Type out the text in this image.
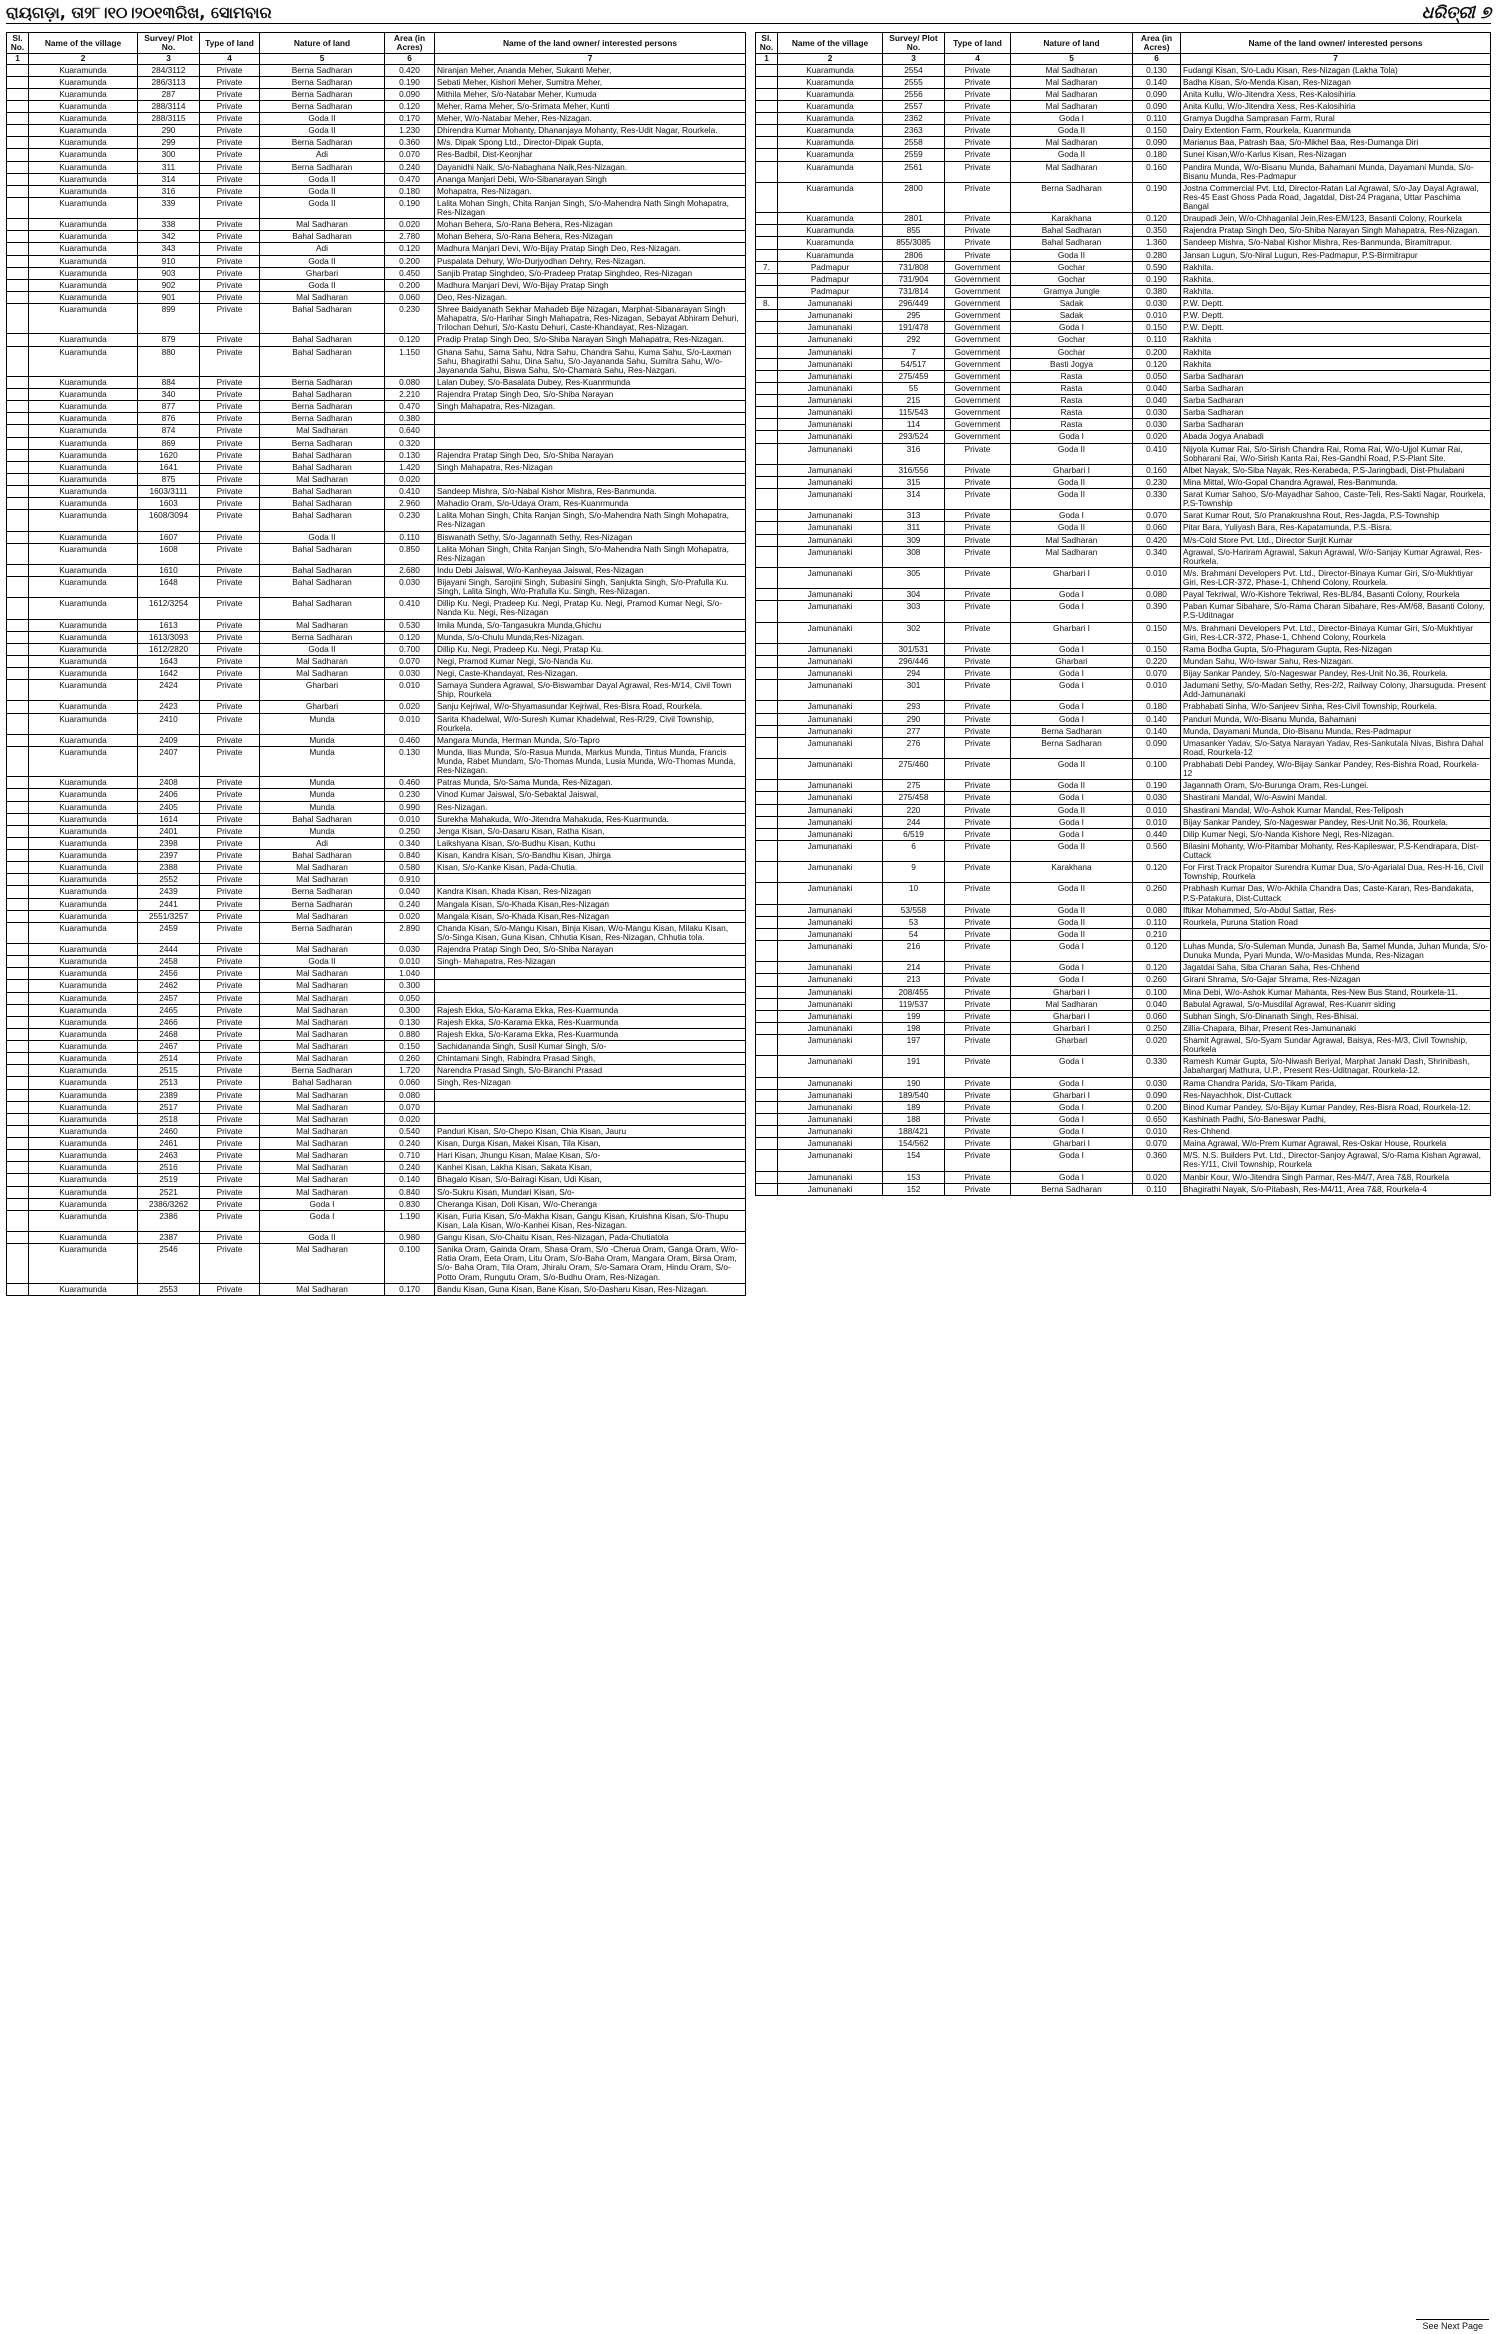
ରାୟଗଡ଼ା, ତା୨୮।୧୦।୨୦୧୩ରିଖ, ସୋମବାର	ଧରିତ୍ରୀ ୭
Sl. No.	Name of the village	Survey/ Plot No.	Type of land	Nature of land	Area (in Acres)	Name of the land owner/ interested persons
1	2	3	4	5	6	7
	Kuaramunda	284/3112	Private	Berna Sadharan	0.420	Niranjan Meher, Ananda Meher, Sukanti Meher,
	Kuaramunda	286/3113	Private	Berna Sadharan	0.190	Sebati Meher, Kishori Meher, Sumitra Meher,
	Kuaramunda	287	Private	Berna Sadharan	0.090	Mithila Meher, S/o-Natabar Meher, Kumuda
	Kuaramunda	288/3114	Private	Berna Sadharan	0.120	Meher, Rama Meher, S/o-Srimata Meher, Kunti
	Kuaramunda	288/3115	Private	Goda II	0.170	Meher, W/o-Natabar Meher, Res-Nizagan.
	Kuaramunda	290	Private	Goda II	1.230	Dhirendra Kumar Mohanty, Dhananjaya Mohanty, Res-Udit Nagar, Rourkela.
	Kuaramunda	299	Private	Berna Sadharan	0.360	M/s. Dipak Spong Ltd., Director-Dipak Gupta,
	Kuaramunda	300	Private	Adi	0.070	Res-Badbil, Dist-Keonjhar
	Kuaramunda	311	Private	Berna Sadharan	0.240	Dayanidhi Naik, S/o-Nabaghana Naik,Res-Nizagan.
	Kuaramunda	314	Private	Goda II	0.470	Ananga Manjari Debi, W/o-Sibanarayan Singh
	Kuaramunda	316	Private	Goda II	0.180	Mohapatra, Res-Nizagan.
	Kuaramunda	339	Private	Goda II	0.190	Lalita Mohan Singh, Chita Ranjan Singh, S/o-Mahendra Nath Singh Mohapatra, Res-Nizagan
	Kuaramunda	338	Private	Mal Sadharan	0.020	Mohan Behera, S/o-Rana Behera, Res-Nizagan
	Kuaramunda	342	Private	Bahal Sadharan	2.780	Mohan Behera, S/o-Rana Behera, Res-Nizagan
	Kuaramunda	343	Private	Adi	0.120	Madhura Manjari Devi, W/o-Bijay Pratap Singh Deo, Res-Nizagan.
	Kuaramunda	910	Private	Goda II	0.200	Puspalata Dehury, W/o-Durjyodhan Dehry, Res-Nizagan.
	Kuaramunda	903	Private	Gharbari	0.450	Sanjib Pratap Singhdeo, S/o-Pradeep Pratap Singhdeo, Res-Nizagan
	Kuaramunda	902	Private	Goda II	0.200	Madhura Manjari Devi, W/o-Bijay Pratap Singh
	Kuaramunda	901	Private	Mal Sadharan	0.060	Deo, Res-Nizagan.
	Kuaramunda	899	Private	Bahal Sadharan	0.230	Shree Baidyanath Sekhar Mahadeb Bije Nizagan, Marphat-Sibanarayan Singh Mahapatra, S/o-Harihar Singh Mahapatra, Res-Nizagan, Sebayat Abhiram Dehuri, Trilochan Dehuri, S/o-Kastu Dehuri, Caste-Khandayat, Res-Nizagan.
	Kuaramunda	879	Private	Bahal Sadharan	0.120	Pradip Pratap Singh Deo, S/o-Shiba Narayan Singh Mahapatra, Res-Nizagan.
	Kuaramunda	880	Private	Bahal Sadharan	1.150	Ghana Sahu, Sama Sahu, Ndra Sahu, Chandra Sahu, Kuma Sahu, S/o-Laxman Sahu, Bhagirathi Sahu, Dina Sahu, S/o-Jayananda Sahu, Sumitra Sahu, W/o-Jayananda Sahu, Biswa Sahu, S/o-Chamara Sahu, Res-Nazgan.
	Kuaramunda	884	Private	Berna Sadharan	0.080	Lalan Dubey, S/o-Basalata Dubey, Res-Kuanrmunda
	Kuaramunda	340	Private	Bahal Sadharan	2.210	Rajendra Pratap Singh Deo, S/o-Shiba Narayan
	Kuaramunda	877	Private	Berna Sadharan	0.470	Singh Mahapatra, Res-Nizagan.
	Kuaramunda	876	Private	Berna Sadharan	0.380	
	Kuaramunda	874	Private	Mal Sadharan	0.640	
	Kuaramunda	869	Private	Berna Sadharan	0.320	
	Kuaramunda	1620	Private	Bahal Sadharan	0.130	Rajendra Pratap Singh Deo, S/o-Shiba Narayan
	Kuaramunda	1641	Private	Bahal Sadharan	1.420	Singh Mahapatra, Res-Nizagan
	Kuaramunda	875	Private	Mal Sadharan	0.020	
	Kuaramunda	1603/3111	Private	Bahal Sadharan	0.410	Sandeep Mishra, S/o-Nabal Kishor Mishra, Res-Banmunda.
	Kuaramunda	1603	Private	Bahal Sadharan	2.960	Mahadio Oram, S/o-Udaya Oram, Res-Kuanrmunda
	Kuaramunda	1608/3094	Private	Bahal Sadharan	0.230	Lalita Mohan Singh, Chita Ranjan Singh, S/o-Mahendra Nath Singh Mohapatra, Res-Nizagan
	Kuaramunda	1607	Private	Goda II	0.110	Biswanath Sethy, S/o-Jagannath Sethy, Res-Nizagan
	Kuaramunda	1608	Private	Bahal Sadharan	0.850	Lalita Mohan Singh, Chita Ranjan Singh, S/o-Mahendra Nath Singh Mohapatra, Res-Nizagan
	Kuaramunda	1610	Private	Bahal Sadharan	2.680	Indu Debi Jaiswal, W/o-Kanheyaa Jaiswal, Res-Nizagan
	Kuaramunda	1648	Private	Bahal Sadharan	0.030	Bijayani Singh, Sarojini Singh, Subasini Singh, Sanjukta Singh, S/o-Prafulla Ku. Singh, Lalita Singh, W/o-Prafulla Ku. Singh, Res-Nizagan.
	Kuaramunda	1612/3254	Private	Bahal Sadharan	0.410	Dillip Ku. Negi, Pradeep Ku. Negi, Pratap Ku. Negi, Pramod Kumar Negi, S/o-Nanda Ku. Negi, Res-Nizagan
	Kuaramunda	1613	Private	Mal Sadharan	0.530	Imila Munda, S/o-Tangasukra Munda,Ghichu
	Kuaramunda	1613/3093	Private	Berna Sadharan	0.120	Munda, S/o-Chulu Munda,Res-Nizagan.
	Kuaramunda	1612/2820	Private	Goda II	0.700	Dillip Ku. Negi, Pradeep Ku. Negi, Pratap Ku.
	Kuaramunda	1643	Private	Mal Sadharan	0.070	Negi, Pramod Kumar Negi, S/o-Nanda Ku.
	Kuaramunda	1642	Private	Mal Sadharan	0.030	Negi, Caste-Khandayat, Res-Nizagan.
	Kuaramunda	2424	Private	Gharbari	0.010	Samaya Sundera Agrawal, S/o-Biswambar Dayal Agrawal, Res-M/14, Civil Town Ship, Rourkela
	Kuaramunda	2423	Private	Gharbari	0.020	Sanju Kejriwal, W/o-Shyamasundar Kejriwal, Res-Bisra Road, Rourkela.
	Kuaramunda	2410	Private	Munda	0.010	Sarita Khadelwal, W/o-Suresh Kumar Khadelwal, Res-R/29, Civil Township, Rourkela.
	Kuaramunda	2409	Private	Munda	0.460	Mangara Munda, Herman Munda, S/o-Tapro
	Kuaramunda	2407	Private	Munda	0.130	Munda, Ilias Munda, S/o-Rasua Munda, Markus Munda, Tintus Munda, Francis Munda, Rabet Mundam, S/o-Thomas Munda, Lusia Munda, W/o-Thomas Munda, Res-Nizagan.
	Kuaramunda	2408	Private	Munda	0.460	Patras Munda, S/o-Sama Munda, Res-Nizagan.
	Kuaramunda	2406	Private	Munda	0.230	Vinod Kumar Jaiswal, S/o-Sebaktal Jaiswal,
	Kuaramunda	2405	Private	Munda	0.990	Res-Nizagan.
	Kuaramunda	1614	Private	Bahal Sadharan	0.010	Surekha Mahakuda, W/o-Jitendra Mahakuda, Res-Kuarmunda.
	Kuaramunda	2401	Private	Munda	0.250	Jenga Kisan, S/o-Dasaru Kisan, Ratha Kisan,
	Kuaramunda	2398	Private	Adi	0.340	Laikshyana Kisan, S/o-Budhu Kisan, Kuthu
	Kuaramunda	2397	Private	Bahal Sadharan	0.840	Kisan, Kandra Kisan, S/o-Bandhu Kisan, Jhirga
	Kuaramunda	2388	Private	Mal Sadharan	0.580	Kisan, S/o-Kanke Kisan, Pada-Chutia.
	Kuaramunda	2552	Private	Mal Sadharan	0.910	
	Kuaramunda	2439	Private	Berna Sadharan	0.040	Kandra Kisan, Khada Kisan, Res-Nizagan
	Kuaramunda	2441	Private	Berna Sadharan	0.240	Mangala Kisan, S/o-Khada Kisan,Res-Nizagan
	Kuaramunda	2551/3257	Private	Mal Sadharan	0.020	Mangala Kisan, S/o-Khada Kisan,Res-Nizagan
	Kuaramunda	2459	Private	Berna Sadharan	2.890	Chanda Kisan, S/o-Mangu Kisan, Binja Kisan, W/o-Mangu Kisan, Milaku Kisan, S/o-Singa Kisan, Guna Kisan, Chhutia Kisan, Res-Nizagan, Chhutia tola.
	Kuaramunda	2444	Private	Mal Sadharan	0.030	Rajendra Pratap Singh Deo, S/o-Shiba Narayan
	Kuaramunda	2458	Private	Goda II	0.010	Singh- Mahapatra, Res-Nizagan
	Kuaramunda	2456	Private	Mal Sadharan	1.040	
	Kuaramunda	2462	Private	Mal Sadharan	0.300	
	Kuaramunda	2457	Private	Mal Sadharan	0.050	
	Kuaramunda	2465	Private	Mal Sadharan	0.300	Rajesh Ekka, S/o-Karama Ekka, Res-Kuarmunda
	Kuaramunda	2466	Private	Mal Sadharan	0.130	Rajesh Ekka, S/o-Karama Ekka, Res-Kuarmunda
	Kuaramunda	2468	Private	Mal Sadharan	0.880	Rajesh Ekka, S/o-Karama Ekka, Res-Kuarmunda
	Kuaramunda	2467	Private	Mal Sadharan	0.150	Sachidananda Singh, Susil Kumar Singh, S/o-
	Kuaramunda	2514	Private	Mal Sadharan	0.260	Chintamani Singh, Rabindra Prasad Singh,
	Kuaramunda	2515	Private	Berna Sadharan	1.720	Narendra Prasad Singh, S/o-Biranchi Prasad
	Kuaramunda	2513	Private	Bahal Sadharan	0.060	Singh, Res-Nizagan
	Kuaramunda	2389	Private	Mal Sadharan	0.080	
	Kuaramunda	2517	Private	Mal Sadharan	0.070	
	Kuaramunda	2518	Private	Mal Sadharan	0.020	
	Kuaramunda	2460	Private	Mal Sadharan	0.540	Panduri Kisan, S/o-Chepo Kisan, Chia Kisan, Jauru
	Kuaramunda	2461	Private	Mal Sadharan	0.240	Kisan, Durga Kisan, Makei Kisan, Tila Kisan,
	Kuaramunda	2463	Private	Mal Sadharan	0.710	Hari Kisan, Jhungu Kisan, Malae Kisan, S/o-
	Kuaramunda	2516	Private	Mal Sadharan	0.240	Kanhei Kisan, Lakha Kisan, Sakata Kisan,
	Kuaramunda	2519	Private	Mal Sadharan	0.140	Bhagalo Kisan, S/o-Bairagi Kisan, Udi Kisan,
	Kuaramunda	2521	Private	Mal Sadharan	0.840	S/o-Sukru Kisan, Mundari Kisan, S/o-
	Kuaramunda	2386/3262	Private	Goda I	0.830	Cheranga Kisan, Doli Kisan, W/o-Cheranga
	Kuaramunda	2386	Private	Goda I	1.190	Kisan, Furia Kisan, S/o-Makha Kisan, Gangu Kisan, Kruishna Kisan, S/o-Thupu Kisan, Lala Kisan, W/o-Kanhei Kisan, Res-Nizagan.
	Kuaramunda	2387	Private	Goda II	0.980	Gangu Kisan, S/o-Chaitu Kisan, Res-Nizagan, Pada-Chutiatola
	Kuaramunda	2546	Private	Mal Sadharan	0.100	Sanika Oram, Gainda Oram, Shasa Oram, S/o -Cherua Oram, Ganga Oram, W/o-Ratia Oram, Eeta Oram, Litu Oram, S/o-Baha Oram, Mangara Oram, Birsa Oram, S/o- Baha Oram, Tila Oram, Jhiralu Oram, S/o-Samara Oram, Hindu Oram, S/o-Potto Oram, Rungutu Oram, S/o-Budhu Oram, Res-Nizagan.
	Kuaramunda	2553	Private	Mal Sadharan	0.170	Bandu Kisan, Guna Kisan, Bane Kisan, S/o-Dasharu Kisan, Res-Nizagan.
Sl. No.	Name of the village	Survey/ Plot No.	Type of land	Nature of land	Area (in Acres)	Name of the land owner/ interested persons
1	2	3	4	5	6	7
	Kuaramunda	2554	Private	Mal Sadharan	0.130	Fudangi Kisan, S/o-Ladu Kisan, Res-Nizagan (Lakha Tola)
	Kuaramunda	2555	Private	Mal Sadharan	0.140	Badha Kisan, S/o-Menda Kisan, Res-Nizagan
	Kuaramunda	2556	Private	Mal Sadharan	0.090	Anita Kullu, W/o-Jitendra Xess, Res-Kalosihiria
	Kuaramunda	2557	Private	Mal Sadharan	0.090	Anita Kullu, W/o-Jitendra Xess, Res-Kalosihiria
	Kuaramunda	2362	Private	Goda I	0.110	Gramya Dugdha Samprasan Farm, Rural
	Kuaramunda	2363	Private	Goda II	0.150	Dairy Extention Farm, Rourkela, Kuanrmunda
	Kuaramunda	2558	Private	Mal Sadharan	0.090	Marianus Baa, Patrash Baa, S/o-Mikhel Baa, Res-Dumanga Diri
	Kuaramunda	2559	Private	Goda II	0.180	Sunei Kisan,W/o-Karlus Kisan, Res-Nizagan
	Kuaramunda	2561	Private	Mal Sadharan	0.160	Pandira Munda, W/o-Bisanu Munda, Bahamani Munda, Dayamani Munda, S/o-Bisanu Munda, Res-Padmapur
	Kuaramunda	2800	Private	Berna Sadharan	0.190	Jostna Commercial Pvt. Ltd, Director-Ratan Lal Agrawal, S/o-Jay Dayal Agrawal, Res-45 East Ghoss Pada Road, Jagatdal, Dist-24 Pragana, Uttar Paschima Bangal
	Kuaramunda	2801	Private	Karakhana	0.120	Draupadi Jein, W/o-Chhaganlal Jein,Res-EM/123, Basanti Colony, Rourkela
	Kuaramunda	855	Private	Bahal Sadharan	0.350	Rajendra Pratap Singh Deo, S/o-Shiba Narayan Singh Mahapatra, Res-Nizagan.
	Kuaramunda	855/3085	Private	Bahal Sadharan	1.360	Sandeep Mishra, S/o-Nabal Kishor Mishra, Res-Banmunda, Biramitrapur.
	Kuaramunda	2806	Private	Goda II	0.280	Jansan Lugun, S/o-Niral Lugun, Res-Padmapur, P.S-Birmitrapur
7.	Padmapur	731/808	Government	Gochar	0.590	Rakhita.
	Padmapur	731/904	Government	Gochar	0.190	Rakhita.
	Padmapur	731/814	Government	Gramya Jungle	0.380	Rakhita.
8.	Jamunanaki	296/449	Government	Sadak	0.030	P.W. Deptt.
	Jamunanaki	295	Government	Sadak	0.010	P.W. Deptt.
	Jamunanaki	191/478	Government	Goda I	0.150	P.W. Deptt.
	Jamunanaki	292	Government	Gochar	0.110	Rakhita
	Jamunanaki	7	Government	Gochar	0.200	Rakhita
	Jamunanaki	54/517	Government	Basti Jogya	0.120	Rakhita
	Jamunanaki	275/459	Government	Rasta	0.050	Sarba Sadharan
	Jamunanaki	55	Government	Rasta	0.040	Sarba Sadharan
	Jamunanaki	215	Government	Rasta	0.040	Sarba Sadharan
	Jamunanaki	115/543	Government	Rasta	0.030	Sarba Sadharan
	Jamunanaki	114	Government	Rasta	0.030	Sarba Sadharan
	Jamunanaki	293/524	Government	Goda I	0.020	Abada Jogya Anabadi
	Jamunanaki	316	Private	Goda II	0.410	Nijyola Kumar Rai, S/o-Sirish Chandra Rai, Roma Rai, W/o-Ujjol Kumar Rai, Sobharani Rai, W/o-Sirish Kanta Rai, Res-Gandhi Road, P.S-Plant Site.
	Jamunanaki	316/556	Private	Gharbari I	0.160	Albet Nayak, S/o-Siba Nayak, Res-Kerabeda, P.S-Jaringbadi, Dist-Phulabani
	Jamunanaki	315	Private	Goda II	0.230	Mina Mittal, W/o-Gopal Chandra Agrawal, Res-Banmunda.
	Jamunanaki	314	Private	Goda II	0.330	Sarat Kumar Sahoo, S/o-Mayadhar Sahoo, Caste-Teli, Res-Sakti Nagar, Rourkela, P.S-Township
	Jamunanaki	313	Private	Goda I	0.070	Sarat Kumar Rout, S/o Pranakrushna Rout, Res-Jagda, P.S-Township
	Jamunanaki	311	Private	Goda II	0.060	Pitar Bara, Yuliyash Bara, Res-Kapatamunda, P.S.-Bisra.
	Jamunanaki	309	Private	Mal Sadharan	0.420	M/s-Cold Store Pvt. Ltd., Director Surjit Kumar
	Jamunanaki	308	Private	Mal Sadharan	0.340	Agrawal, S/o-Hariram Agrawal, Sakun Agrawal, W/o-Sanjay Kumar Agrawal, Res-Rourkela.
	Jamunanaki	305	Private	Gharbari I	0.010	M/s. Brahmani Developers Pvt. Ltd., Director-Binaya Kumar Giri, S/o-Mukhtiyar Giri, Res-LCR-372, Phase-1, Chhend Colony, Rourkela.
	Jamunanaki	304	Private	Goda I	0.080	Payal Tekriwal, W/o-Kishore Tekriwal, Res-BL/84, Basanti Colony, Rourkela
	Jamunanaki	303	Private	Goda I	0.390	Paban Kumar Sibahare, S/o-Rama Charan Sibahare, Res-AM/68, Basanti Colony, P.S-Uditnagar
	Jamunanaki	302	Private	Gharbari I	0.150	M/s. Brahmani Developers Pvt. Ltd., Director-Binaya Kumar Giri, S/o-Mukhtiyar Giri, Res-LCR-372, Phase-1, Chhend Colony, Rourkela
	Jamunanaki	301/531	Private	Goda I	0.150	Rama Bodha Gupta, S/o-Phaguram Gupta, Res-Nizagan
	Jamunanaki	296/446	Private	Gharbari	0.220	Mundan Sahu, W/o-Iswar Sahu, Res-Nizagan.
	Jamunanaki	294	Private	Goda I	0.070	Bijay Sankar Pandey, S/o-Nageswar Pandey, Res-Unit No.36, Rourkela.
	Jamunanaki	301	Private	Goda I	0.010	Jadumani Sethy, S/o-Madan Sethy, Res-2/2, Railway Colony, Jharsuguda. Present Add-Jamunanaki
	Jamunanaki	293	Private	Goda I	0.180	Prabhabati Sinha, W/o-Sanjeev Sinha, Res-Civil Township, Rourkela.
	Jamunanaki	290	Private	Goda I	0.140	Panduri Munda, W/o-Bisanu Munda, Bahamani
	Jamunanaki	277	Private	Berna Sadharan	0.140	Munda, Dayamani Munda, Dio-Bisanu Munda, Res-Padmapur
	Jamunanaki	276	Private	Berna Sadharan	0.090	Umasanker Yadav, S/o-Satya Narayan Yadav, Res-Sankutala Nivas, Bishra Dahal Road, Rourkela-12
	Jamunanaki	275/460	Private	Goda II	0.100	Prabhabati Debi Pandey, W/o-Bijay Sankar Pandey, Res-Bishra Road, Rourkela-12
	Jamunanaki	275	Private	Goda II	0.190	Jagannath Oram, S/o-Burunga Oram, Res-Lungei.
	Jamunanaki	275/458	Private	Goda I	0.030	Shastirani Mandal, W/o-Aswini Mandal.
	Jamunanaki	220	Private	Goda II	0.010	Shastirani Mandal, W/o-Ashok Kumar Mandal, Res-Teliposh
	Jamunanaki	244	Private	Goda I	0.010	Bijay Sankar Pandey, S/o-Nageswar Pandey, Res-Unit No.36, Rourkela.
	Jamunanaki	6/519	Private	Goda I	0.440	Dilip Kumar Negi, S/o-Nanda Kishore Negi, Res-Nizagan.
	Jamunanaki	6	Private	Goda II	0.560	Bilasini Mohanty, W/o-Pitambar Mohanty, Res-Kapileswar, P.S-Kendrapara, Dist-Cuttack
	Jamunanaki	9	Private	Karakhana	0.120	For First Track Propaitor Surendra Kumar Dua, S/o-Agarialal Dua, Res-H-16, Civil Township, Rourkela
	Jamunanaki	10	Private	Goda II	0.260	Prabhash Kumar Das, W/o-Akhila Chandra Das, Caste-Karan, Res-Bandakata, P.S-Patakura, Dist-Cuttack
	Jamunanaki	53/558	Private	Goda II	0.080	Iftikar Mohammed, S/o-Abdul Sattar, Res-
	Jamunanaki	53	Private	Goda II	0.110	Rourkela, Puruna Station Road
	Jamunanaki	54	Private	Goda II	0.210	
	Jamunanaki	216	Private	Goda I	0.120	Luhas Munda, S/o-Suleman Munda, Junash Ba, Samel Munda, Juhan Munda, S/o-Dunuka Munda, Pyari Munda, W/o-Masidas Munda, Res-Nizagan
	Jamunanaki	214	Private	Goda I	0.120	Jagatdai Saha, Siba Charan Saha, Res-Chhend
	Jamunanaki	213	Private	Goda I	0.260	Girani Shrama, S/o-Gajar Shrama, Res-Nizagan
	Jamunanaki	208/455	Private	Gharbari I	0.100	Mina Debi, W/o-Ashok Kumar Mahanta, Res-New Bus Stand, Rourkela-11.
	Jamunanaki	119/537	Private	Mal Sadharan	0.040	Babulal Agrawal, S/o-Musdilal Agrawal, Res-Kuanrr siding
	Jamunanaki	199	Private	Gharbari I	0.060	Subhan Singh, S/o-Dinanath Singh, Res-Bhisai.
	Jamunanaki	198	Private	Gharbari I	0.250	Zillia-Chapara, Bihar, Present Res-Jamunanaki
	Jamunanaki	197	Private	Gharbari	0.020	Shamit Agrawal, S/o-Syam Sundar Agrawal, Baisya, Res-M/3, Civil Township, Rourkela
	Jamunanaki	191	Private	Goda I	0.330	Ramesh Kumar Gupta, S/o-Niwash Beriyal, Marphat Janaki Dash, Shrinibash, Jabahargarj Mathura, U.P., Present Res-Uditnagar, Rourkela-12.
	Jamunanaki	190	Private	Goda I	0.030	Rama Chandra Parida, S/o-Tikam Parida,
	Jamunanaki	189/540	Private	Gharbari I	0.090	Res-Nayachhok, Dist-Cuttack
	Jamunanaki	189	Private	Goda I	0.200	Binod Kumar Pandey, S/o-Bijay Kumar Pandey, Res-Bisra Road, Rourkela-12.
	Jamunanaki	188	Private	Goda I	0.650	Kashinath Padhi, S/o-Baneswar Padhi,
	Jamunanaki	188/421	Private	Goda I	0.010	Res-Chhend
	Jamunanaki	154/562	Private	Gharbari I	0.070	Maina Agrawal, W/o-Prem Kumar Agrawal, Res-Oskar House, Rourkela
	Jamunanaki	154	Private	Goda I	0.360	M/S. N.S. Builders Pvt. Ltd., Director-Sanjoy Agrawal, S/o-Rama Kishan Agrawal, Res-Y/11, Civil Township, Rourkela
	Jamunanaki	153	Private	Goda I	0.020	Manbir Kour, W/o-Jitendra Singh Parmar, Res-M4/7, Area 7&8, Rourkela
	Jamunanaki	152	Private	Berna Sadharan	0.110	Bhagirathi Nayak, S/o-Pitabash, Res-M4/11, Area 7&8, Rourkela-4
See Next Page
